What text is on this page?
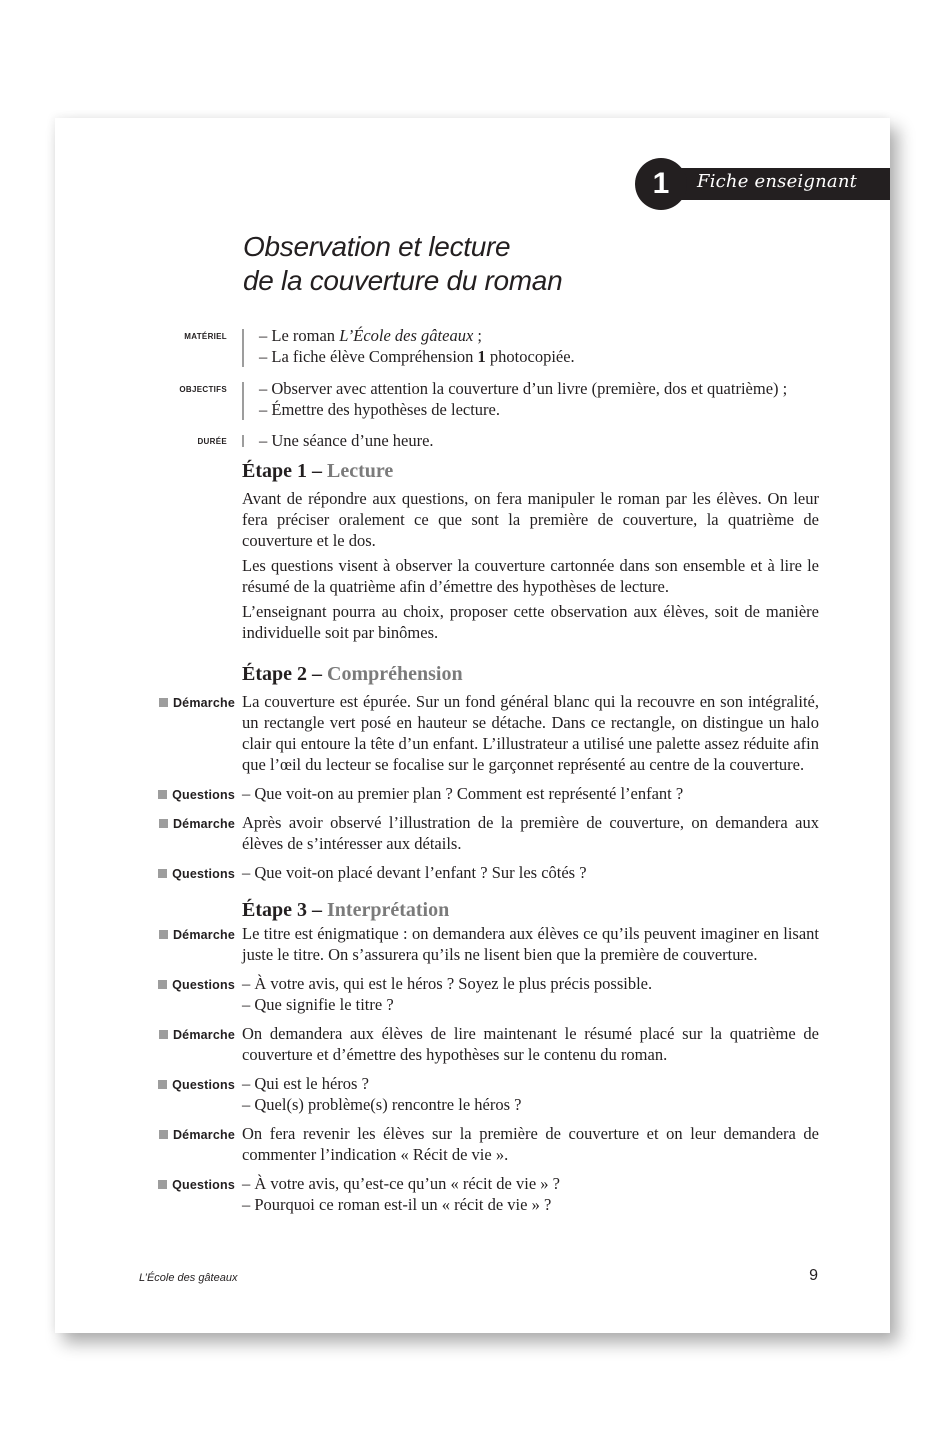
1	Fiche enseignant
Observation et lecture
de la couverture du roman
matériel – Le roman L’École des gâteaux ;
– La fiche élève Compréhension 1 photocopiée.
objectifs – Observer avec attention la couverture d’un livre (première, dos et quatrième) ;
– Émettre des hypothèses de lecture.
durée – Une séance d’une heure.
Étape 1 – Lecture

Avant de répondre aux questions, on fera manipuler le roman par les élèves. On leur fera préciser oralement ce que sont la première de couverture, la quatrième de couverture et le dos.

Les questions visent à observer la couverture cartonnée dans son ensemble et à lire le résumé de la quatrième afin d’émettre des hypothèses de lecture.

L’enseignant pourra au choix, proposer cette observation aux élèves, soit de manière individuelle soit par binômes.

Étape 2 – Compréhension
Démarche La couverture est épurée. Sur un fond général blanc qui la recouvre en son intégralité, un rectangle vert posé en hauteur se détache. Dans ce rectangle, on distingue un halo clair qui entoure la tête d’un enfant. L’illustrateur a utilisé une palette assez réduite afin que l’œil du lecteur se focalise sur le garçonnet représenté au centre de la couverture.
Questions – Que voit-on au premier plan ? Comment est représenté l’enfant ?
Démarche Après avoir observé l’illustration de la première de couverture, on demandera aux élèves de s’intéresser aux détails.
Questions – Que voit-on placé devant l’enfant ? Sur les côtés ?
Étape 3 – Interprétation
Démarche Le titre est énigmatique : on demandera aux élèves ce qu’ils peuvent imaginer en lisant juste le titre. On s’assurera qu’ils ne lisent bien que la première de couverture.
Questions – À votre avis, qui est le héros ? Soyez le plus précis possible.
– Que signifie le titre ?
Démarche On demandera aux élèves de lire maintenant le résumé placé sur la quatrième de couverture et d’émettre des hypothèses sur le contenu du roman.
Questions – Qui est le héros ?
– Quel(s) problème(s) rencontre le héros ?
Démarche On fera revenir les élèves sur la première de couverture et on leur demandera de commenter l’indication « Récit de vie ».
Questions – À votre avis, qu’est-ce qu’un « récit de vie » ?
– Pourquoi ce roman est-il un « récit de vie » ?
L’École des gâteaux	9
